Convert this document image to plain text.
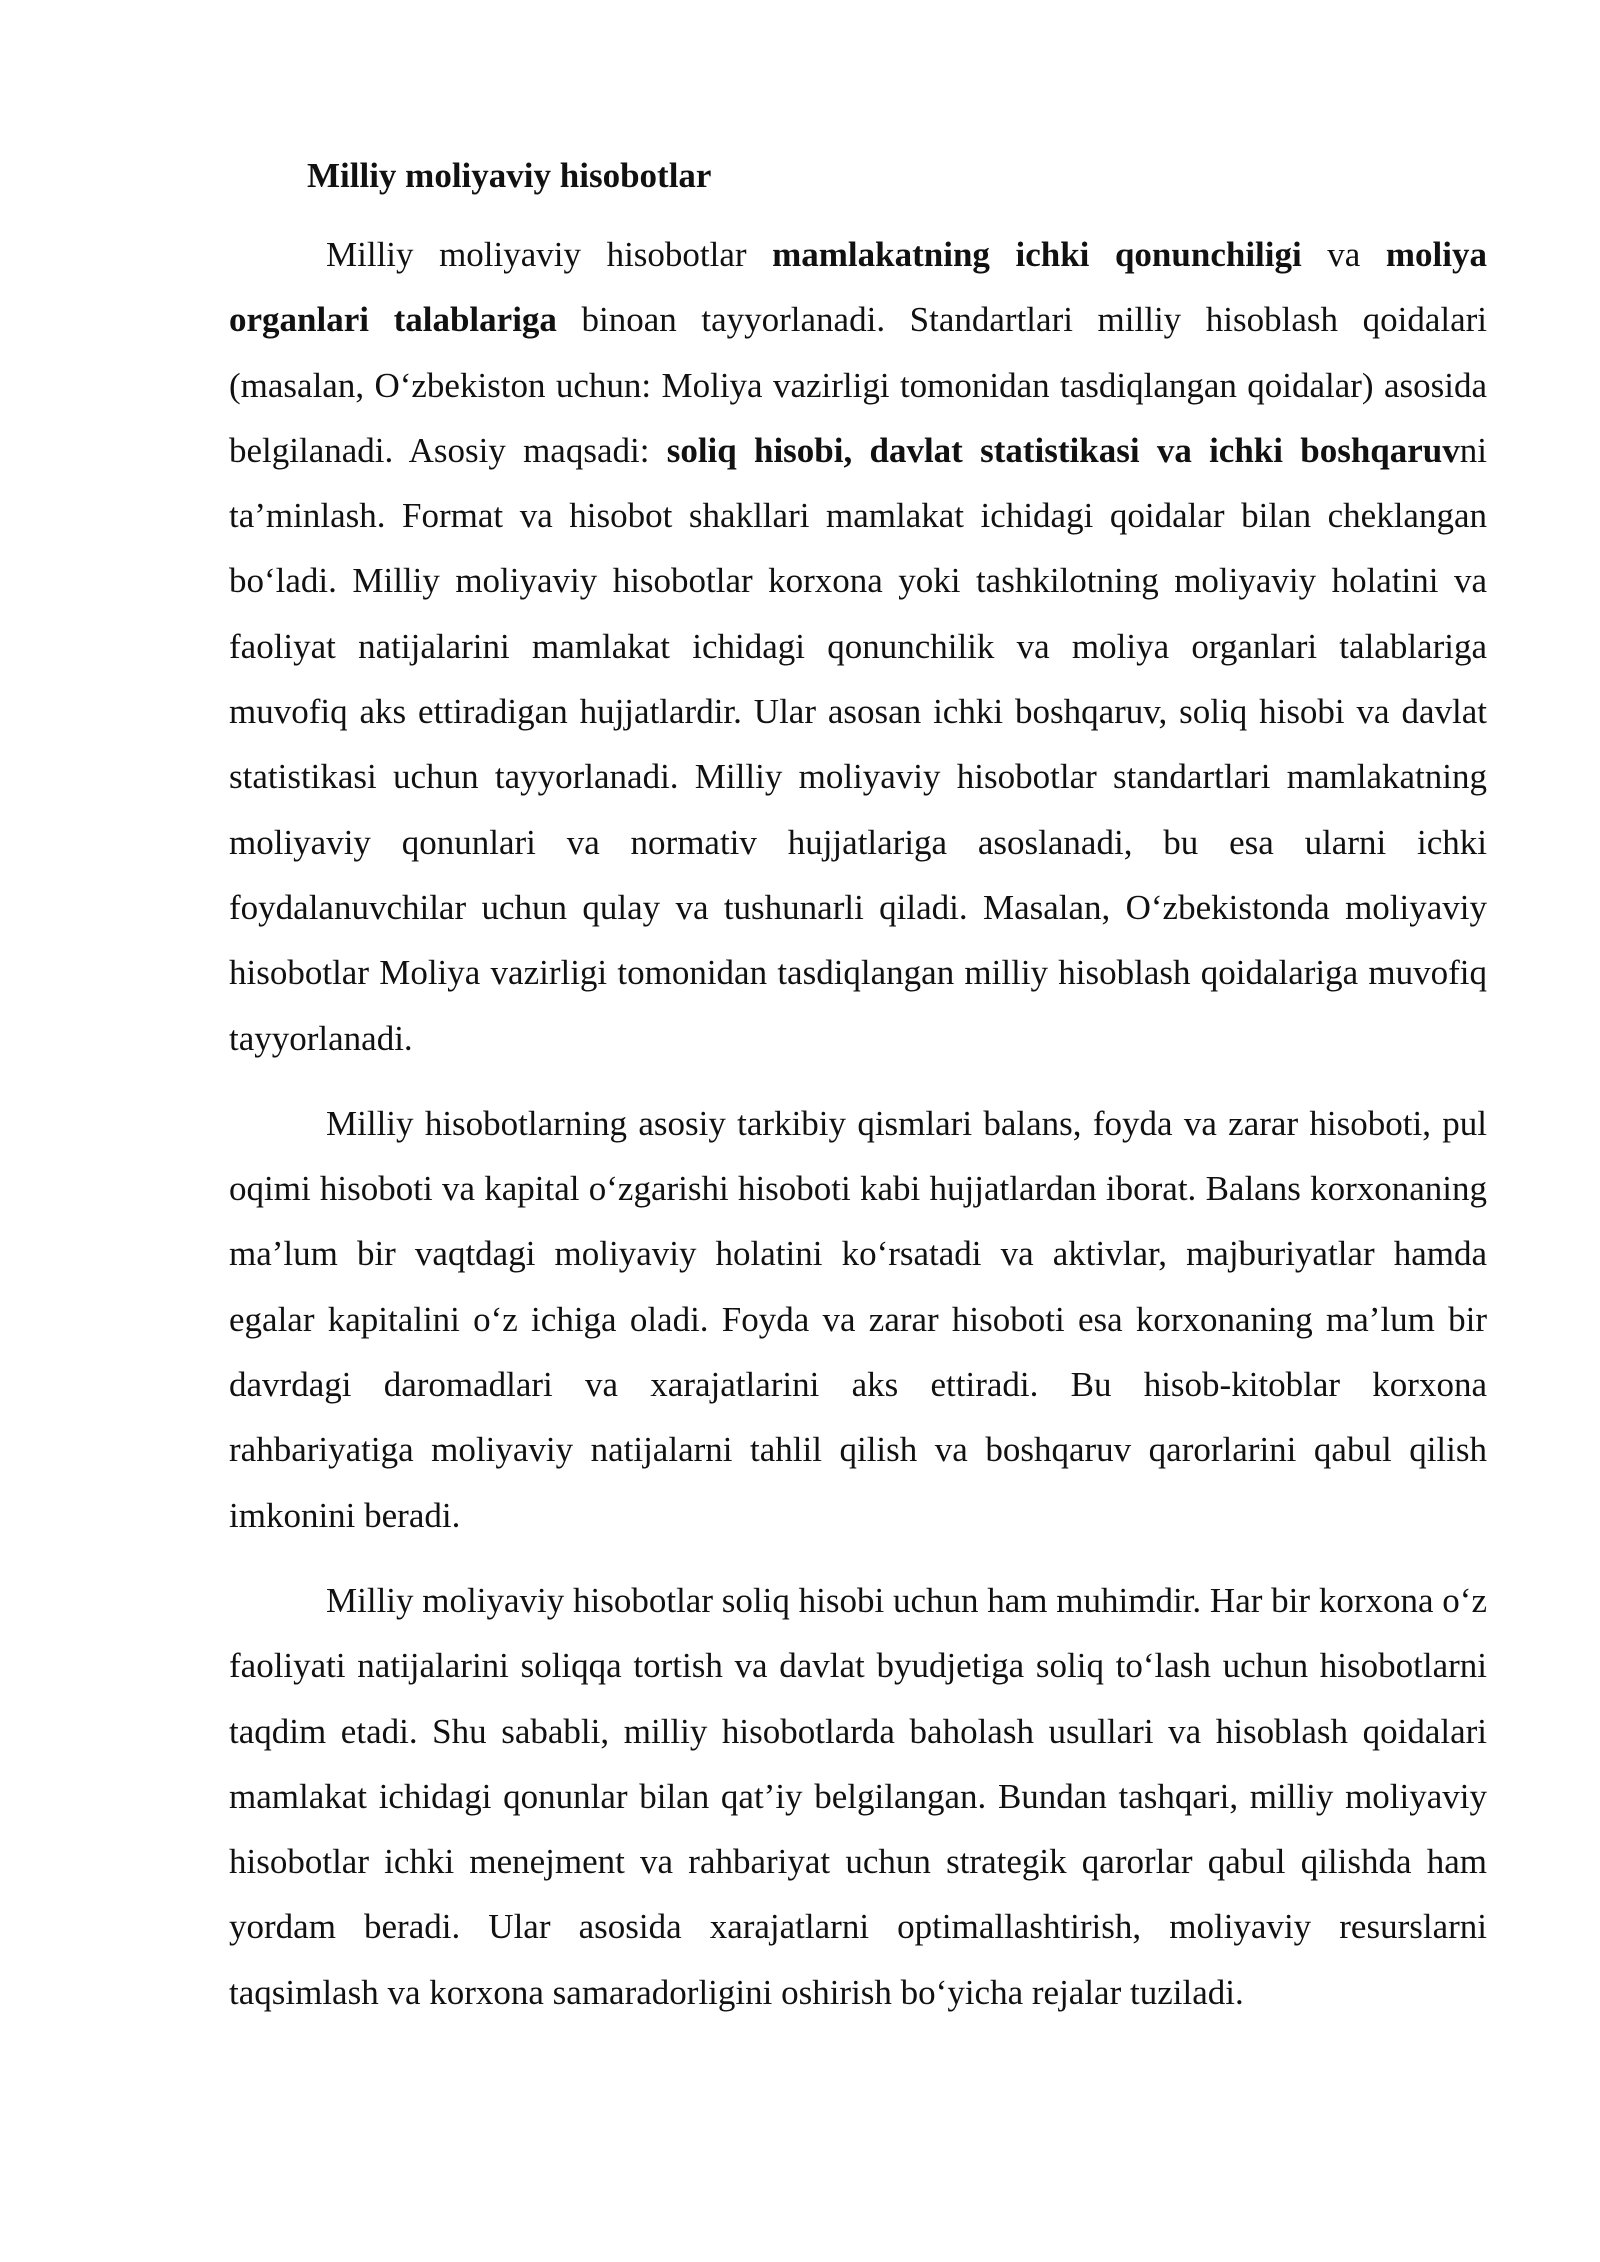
Milliy moliyaviy hisobotlar

Milliy moliyaviy hisobotlar mamlakatning ichki qonunchiligi va moliya organlari talablariga binoan tayyorlanadi. Standartlari milliy hisoblash qoidalari (masalan, O‘zbekiston uchun: Moliya vazirligi tomonidan tasdiqlangan qoidalar) asosida belgilanadi. Asosiy maqsadi: soliq hisobi, davlat statistikasi va ichki boshqaruvni ta’minlash. Format va hisobot shakllari mamlakat ichidagi qoidalar bilan cheklangan bo‘ladi. Milliy moliyaviy hisobotlar korxona yoki tashkilotning moliyaviy holatini va faoliyat natijalarini mamlakat ichidagi qonunchilik va moliya organlari talablariga muvofiq aks ettiradigan hujjatlardir. Ular asosan ichki boshqaruv, soliq hisobi va davlat statistikasi uchun tayyorlanadi. Milliy moliyaviy hisobotlar standartlari mamlakatning moliyaviy qonunlari va normativ hujjatlariga asoslanadi, bu esa ularni ichki foydalanuvchilar uchun qulay va tushunarli qiladi. Masalan, O‘zbekistonda moliyaviy hisobotlar Moliya vazirligi tomonidan tasdiqlangan milliy hisoblash qoidalariga muvofiq tayyorlanadi.

Milliy hisobotlarning asosiy tarkibiy qismlari balans, foyda va zarar hisoboti, pul oqimi hisoboti va kapital o‘zgarishi hisoboti kabi hujjatlardan iborat. Balans korxonaning ma’lum bir vaqtdagi moliyaviy holatini ko‘rsatadi va aktivlar, majburiyatlar hamda egalar kapitalini o‘z ichiga oladi. Foyda va zarar hisoboti esa korxonaning ma’lum bir davrdagi daromadlari va xarajatlarini aks ettiradi. Bu hisob-kitoblar korxona rahbariyatiga moliyaviy natijalarni tahlil qilish va boshqaruv qarorlarini qabul qilish imkonini beradi.

Milliy moliyaviy hisobotlar soliq hisobi uchun ham muhimdir. Har bir korxona o‘z faoliyati natijalarini soliqqa tortish va davlat byudjetiga soliq to‘lash uchun hisobotlarni taqdim etadi. Shu sababli, milliy hisobotlarda baholash usullari va hisoblash qoidalari mamlakat ichidagi qonunlar bilan qat’iy belgilangan. Bundan tashqari, milliy moliyaviy hisobotlar ichki menejment va rahbariyat uchun strategik qarorlar qabul qilishda ham yordam beradi. Ular asosida xarajatlarni optimallashtirish, moliyaviy resurslarni taqsimlash va korxona samaradorligini oshirish bo‘yicha rejalar tuziladi.
